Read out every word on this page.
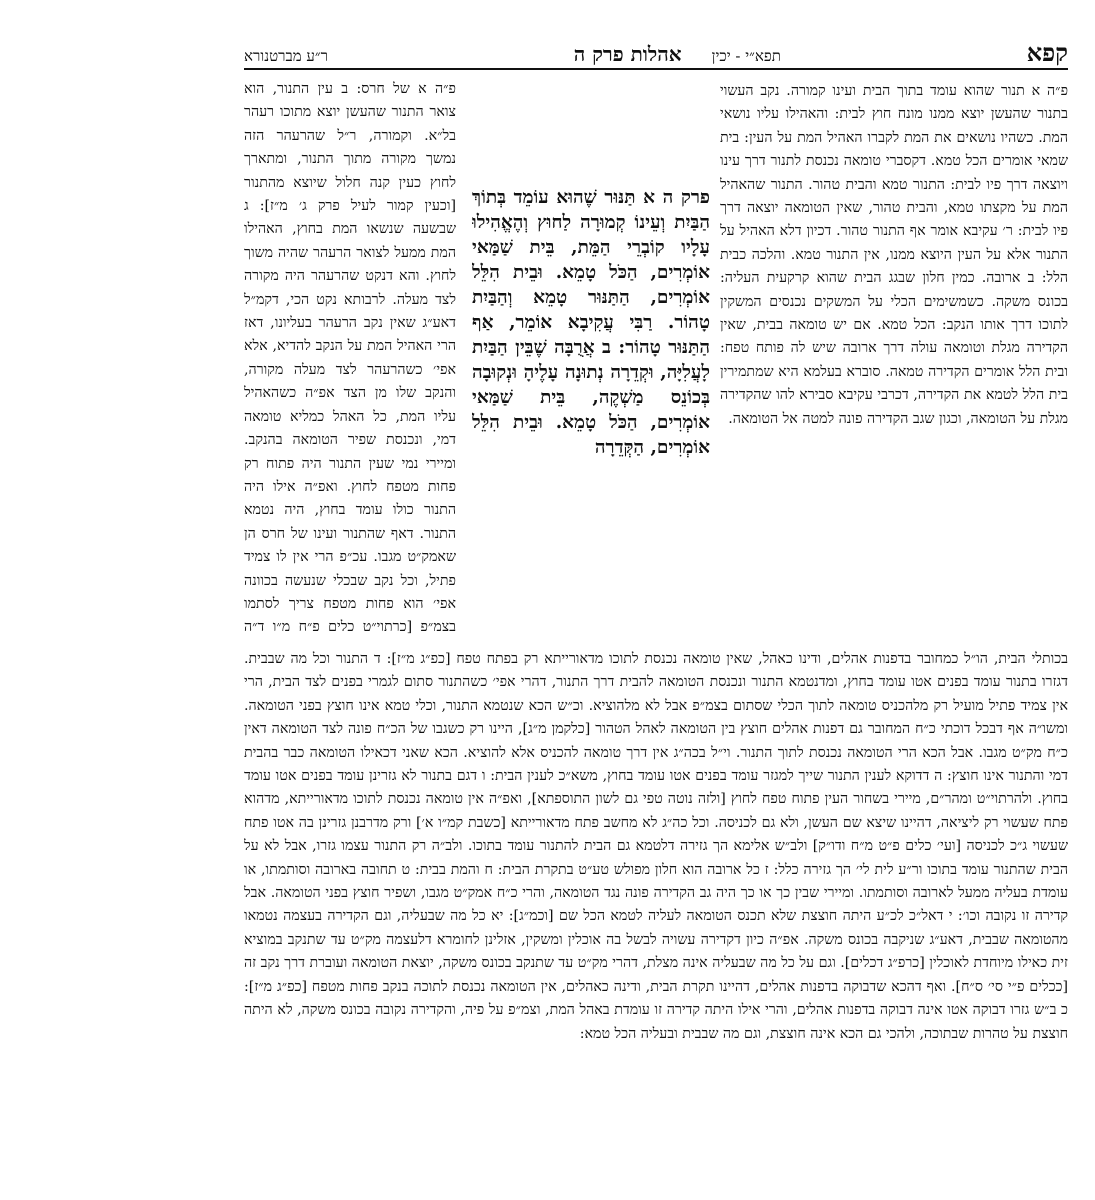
קפא
תפא״י - יכין
אהלות פרק ה
ר״ע מברטנורא
פ״ה א תנור שהוא עומד בתוך הבית ועינו קמורה. נקב העשוי בתנור שהעשן יוצא ממנו מונח חוץ לבית: והאהילו עליו נושאי המת. כשהיו נושאים את המת לקברו האהיל המת על העין: בית שמאי אומרים הכל טמא. דקסברי טומאה נכנסת לתנור דרך עינו ויוצאה דרך פיו לבית: התנור טמא והבית טהור. התנור שהאהיל המת על מקצתו טמא, והבית טהור, שאין הטומאה יוצאה דרך פיו לבית: ר׳ עקיבא אומר אף התנור טהור. דכיון דלא האהיל על התנור אלא על העין היוצא ממנו, אין התנור טמא. והלכה כבית הלל: ב ארובה. כמין חלון שבגג הבית שהוא קרקעית העליה: בכונס משקה. כשמשימים הכלי על המשקים נכנסים המשקין לתוכו דרך אותו הנקב: הכל טמא. אם יש טומאה בבית, שאין הקדירה מגלת וטומאה עולה דרך ארובה שיש לה פותח טפח: ובית הלל אומרים הקדירה טמאה. סוברא בעלמא היא שמתמירין בית הלל לטמא את הקדירה, דכרבי עקיבא סבירא להו שהקדירה מגלת על הטומאה, וכגון שגב הקדירה פונה למטה אל הטומאה.
פרק ה א תַּנּוּר שֶׁהוּא עוֹמֵד בְּתוֹךְ הַבַּיִת וְעֵינוֹ קְמוּרָה לַחוּץ וְהֶאֱהִילוּ עָלָיו קוֹבְרֵי הַמֵּת, בֵּית שַׁמַּאי אוֹמְרִים, הַכֹּל טָמֵא. וּבֵית הִלֵּל אוֹמְרִים, הַתַּנּוּר טָמֵא וְהַבַּיִת טָהוֹר. רַבִּי עֲקִיבָא אוֹמֵר, אַף הַתַּנּוּר טָהוֹר: ב אֲרֻבָּה שֶׁבֵּין הַבַּיִת לָעֲלִיָּה, וּקְדֵרָה נְתוּנָה עָלֶיהָ וּנְקוּבָה בְּכוֹנֵס מַשְׁקֶה, בֵּית שַׁמַּאי אוֹמְרִים, הַכֹּל טָמֵא. וּבֵית הִלֵּל אוֹמְרִים, הַקְּדֵרָה
פ״ה א של חרס: ב עין התנור, הוא צואר התנור שהעשן יוצא מתוכו רעהר בל״א. וקמורה, ר״ל שהרעהר הזה נמשך מקורה מתוך התנור, ומתארך לחוץ כעין קנה חלול שיוצא מהתנור [וכעין קמור לעיל פרק ג׳ מ״ז]: ג שבשעה שנשאו המת בחוץ, האהילו המת ממעל לצואר הרעהר שהיה משוך לחוץ. והא דנקט שהרעהר היה מקורה לצד מעלה. לרבותא נקט הכי, דקמ״ל דאע״ג שאין נקב הרעהר בעליונו, דאז הרי האהיל המת על הנקב להדיא, אלא אפי׳ כשהרעהר לצד מעלה מקורה, והנקב שלו מן הצד אפ״ה כשהאהיל עליו המת, כל האהל כמליא טומאה דמי, ונכנסת שפיר הטומאה בהנקב. ומיירי נמי שעין התנור היה פתוח רק פחות מטפח לחוץ. ואפ״ה אילו היה התנור כולו עומד בחוץ, היה נטמא התנור. דאף שהתנור ועינו של חרס הן שאמק״ט מגבו. עכ״פ הרי אין לו צמיד פתיל, וכל נקב שבכלי שנעשה בכוונה אפי׳ הוא פחות מטפח צריך לסתמו בצמ״פ [כרתוי״ט כלים פ״ח מ״ו ד״ה
בכותלי הבית, הו״ל כמחובר בדפנות אהלים, ודינו כאהל, שאין טומאה נכנסת לתוכו מדאורייתא רק בפתח טפח [כפ״ג מ״ז]: ד התנור וכל מה שבבית. דגזרו בתנור עומד בפנים אטו עומד בחוץ, ומדנטמא התנור ונכנסת הטומאה להבית דרך התנור, דהרי אפי׳ כשהתנור סתום לגמרי בפנים לצד הבית, הרי אין צמיד פתיל מועיל רק מלהכניס טומאה לתוך הכלי שסתום בצמ״פ אבל לא מלהוציא. וכ״ש הכא שנטמא התנור, וכלי טמא אינו חוצץ בפני הטומאה. ומשו״ה אף דבכל דוכתי כ״ח המחובר גם דפנות אהלים חוצץ בין הטומאה לאהל הטהור [כלקמן מ״ג], היינו רק כשגבו של הכ״ח פונה לצד הטומאה דאין כ״ח מק״ט מגבו. אבל הכא הרי הטומאה נכנסת לתוך התנור. וי״ל בכה״ג אין דרך טומאה להכניס אלא להוציא. הכא שאני דכאילו הטומאה כבר בהבית דמי והתנור אינו חוצץ: ה דדוקא לענין התנור שייך למגזר עומד בפנים אטו עומד בחוץ, משא״כ לענין הבית: ו דגם בתנור לא גזרינן עומד בפנים אטו עומד בחוץ. ולהרתוי״ט ומהר״ם, מיירי בשחור העין פתוח טפח לחוץ [ולזה נוטה טפי גם לשון התוספתא], ואפ״ה אין טומאה נכנסת לתוכו מדאורייתא, מדהוא פתח שעשוי רק ליציאה, דהיינו שיצא שם העשן, ולא גם לכניסה. וכל כה״ג לא מחשב פתח מדאורייתא [כשבת קמ״ו א׳] ורק מדרבנן גזרינן בה אטו פתח שעשוי ג״כ לכניסה [ועי׳ כלים פ״ט מ״ח ודו״ק] ולב״ש אלימא הך גזירה דלטמא גם הבית להתנור עומד בתוכו. ולב״ה רק התנור עצמו גזרו, אבל לא על הבית שהתנור עומד בתוכו ור״ע לית לי׳ הך גזירה כלל: ז כל ארובה הוא חלון מפולש טע״ט בתקרת הבית: ח והמת בבית: ט תחובה בארובה וסותמתו, או עומדת בעליה ממעל לארובה וסותמתו. ומיירי שבין כך או כך היה גב הקדירה פונה נגד הטומאה, והרי כ״ח אמק״ט מגבו, ושפיר חוצץ בפני הטומאה. אבל קדירה זו נקובה וכו׳: י דאל״כ לכ״ע היתה חוצצת שלא תכנס הטומאה לעליה לטמא הכל שם [וכמ״ג]: יא כל מה שבעליה, וגם הקדירה בעצמה נטמאו מהטומאה שבבית, דאע״ג שניקבה בכונס משקה. אפ״ה כיון דקדירה עשויה לבשל בה אוכלין ומשקין, אזלינן לחומרא דלעצמה מק״ט עד שתנקב במוציא זית כאילו מיוחדת לאוכלין [כרפ״ג דכלים]. וגם על כל מה שבעליה אינה מצלת, דהרי מק״ט עד שתנקב בכונס משקה, יוצאת הטומאה ועוברת דרך נקב זה [ככלים פ״י סי׳ ס״ח]. ואף דהכא שדבוקה בדפנות אהלים, דהיינו תקרת הבית, ודינה כאהלים, אין הטומאה נכנסת לתוכה בנקב פחות מטפח [כפ״ג מ״ז]: כ ב״ש גזרו דבוקה אטו אינה דבוקה בדפנות אהלים, והרי אילו היתה קדירה זו עומדת באהל המת, וצמ״פ על פיה, והקדירה נקובה בכונס משקה, לא היתה חוצצת על טהרות שבתוכה, ולהכי גם הכא אינה חוצצת, וגם מה שבבית ובעליה הכל טמא:
